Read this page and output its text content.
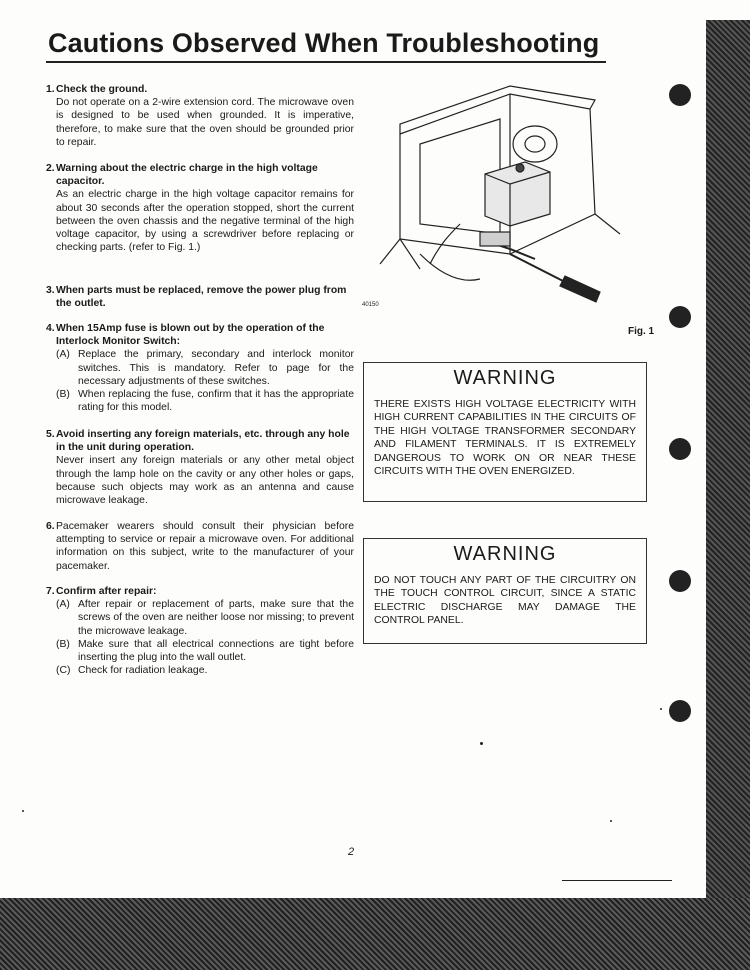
Cautions Observed When Troubleshooting
1. Check the ground.
Do not operate on a 2-wire extension cord. The microwave oven is designed to be used when grounded. It is imperative, therefore, to make sure that the oven should be grounded prior to repair.
2. Warning about the electric charge in the high voltage capacitor.
As an electric charge in the high voltage capacitor remains for about 30 seconds after the operation stopped, short the current between the oven chassis and the negative terminal of the high voltage capacitor, by using a screwdriver before replacing or checking parts. (refer to Fig. 1.)
3. When parts must be replaced, remove the power plug from the outlet.
4. When 15Amp fuse is blown out by the operation of the Interlock Monitor Switch:
(A) Replace the primary, secondary and interlock monitor switches. This is mandatory. Refer to page for the necessary adjustments of these switches.
(B) When replacing the fuse, confirm that it has the appropriate rating for this model.
5. Avoid inserting any foreign materials, etc. through any hole in the unit during operation.
Never insert any foreign materials or any other metal object through the lamp hole on the cavity or any other holes or gaps, because such objects may work as an antenna and cause microwave leakage.
6. Pacemaker wearers should consult their physician before attempting to service or repair a microwave oven. For additional information on this subject, write to the manufacturer of your pacemaker.
7. Confirm after repair:
(A) After repair or replacement of parts, make sure that the screws of the oven are neither loose nor missing; to prevent the microwave leakage.
(B) Make sure that all electrical connections are tight before inserting the plug into the wall outlet.
(C) Check for radiation leakage.
40150
Fig. 1
WARNING
THERE EXISTS HIGH VOLTAGE ELECTRICITY WITH HIGH CURRENT CAPABILITIES IN THE CIRCUITS OF THE HIGH VOLTAGE TRANSFORMER SECONDARY AND FILAMENT TERMINALS. IT IS EXTREMELY DANGEROUS TO WORK ON OR NEAR THESE CIRCUITS WITH THE OVEN ENERGIZED.
WARNING
DO NOT TOUCH ANY PART OF THE CIRCUITRY ON THE TOUCH CONTROL CIRCUIT, SINCE A STATIC ELECTRIC DISCHARGE MAY DAMAGE THE CONTROL PANEL.
2
